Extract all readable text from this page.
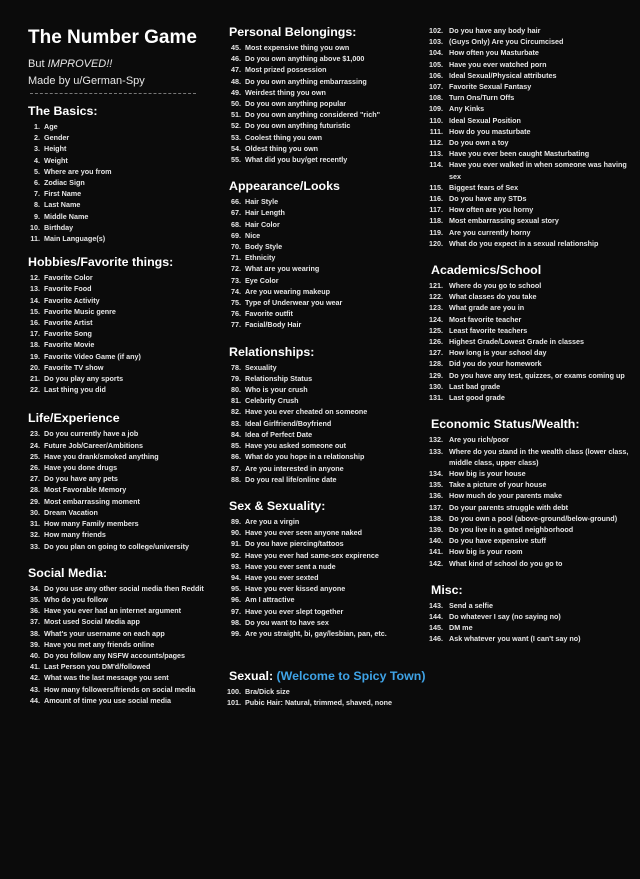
The Number Game
But IMPROVED!!
Made by u/German-Spy
The Basics:
1. Age
2. Gender
3. Height
4. Weight
5. Where are you from
6. Zodiac Sign
7. First Name
8. Last Name
9. Middle Name
10. Birthday
11. Main Language(s)
Hobbies/Favorite things:
12. Favorite Color
13. Favorite Food
14. Favorite Activity
15. Favorite Music genre
16. Favorite Artist
17. Favorite Song
18. Favorite Movie
19. Favorite Video Game (if any)
20. Favorite TV show
21. Do you play any sports
22. Last thing you did
Life/Experience
23. Do you currently have a job
24. Future Job/Career/Ambitions
25. Have you drank/smoked anything
26. Have you done drugs
27. Do you have any pets
28. Most Favorable Memory
29. Most embarrassing moment
30. Dream Vacation
31. How many Family members
32. How many friends
33. Do you plan on going to college/university
Social Media:
34. Do you use any other social media then Reddit
35. Who do you follow
36. Have you ever had an internet argument
37. Most used Social Media app
38. What's your username on each app
39. Have you met any friends online
40. Do you follow any NSFW accounts/pages
41. Last Person you DM'd/followed
42. What was the last message you sent
43. How many followers/friends on social media
44. Amount of time you use social media
Personal Belongings:
45. Most expensive thing you own
46. Do you own anything above $1,000
47. Most prized possession
48. Do you own anything embarrassing
49. Weirdest thing you own
50. Do you own anything popular
51. Do you own anything considered "rich"
52. Do you own anything futuristic
53. Coolest thing you own
54. Oldest thing you own
55. What did you buy/get recently
Appearance/Looks
66. Hair Style
67. Hair Length
68. Hair Color
69. Nice
70. Body Style
71. Ethnicity
72. What are you wearing
73. Eye Color
74. Are you wearing makeup
75. Type of Underwear you wear
76. Favorite outfit
77. Facial/Body Hair
Relationships:
78. Sexuality
79. Relationship Status
80. Who is your crush
81. Celebrity Crush
82. Have you ever cheated on someone
83. Ideal Girlfriend/Boyfriend
84. Idea of Perfect Date
85. Have you asked someone out
86. What do you hope in a relationship
87. Are you interested in anyone
88. Do you real life/online date
Sex & Sexuality:
89. Are you a virgin
90. Have you ever seen anyone naked
91. Do you have piercing/tattoos
92. Have you ever had same-sex expirence
93. Have you ever sent a nude
94. Have you ever sexted
95. Have you ever kissed anyone
96. Am I attractive
97. Have you ever slept together
98. Do you want to have sex
99. Are you straight, bi, gay/lesbian, pan, etc.
Sexual: (Welcome to Spicy Town)
100. Bra/Dick size
101. Pubic Hair: Natural, trimmed, shaved, none
102. Do you have any body hair
103. (Guys Only) Are you Circumcised
104. How often you Masturbate
105. Have you ever watched porn
106. Ideal Sexual/Physical attributes
107. Favorite Sexual Fantasy
108. Turn Ons/Turn Offs
109. Any Kinks
110. Ideal Sexual Position
111. How do you masturbate
112. Do you own a toy
113. Have you ever been caught Masturbating
114. Have you ever walked in when someone was having sex
115. Biggest fears of Sex
116. Do you have any STDs
117. How often are you horny
118. Most embarrassing sexual story
119. Are you currently horny
120. What do you expect in a sexual relationship
Academics/School
121. Where do you go to school
122. What classes do you take
123. What grade are you in
124. Most favorite teacher
125. Least favorite teachers
126. Highest Grade/Lowest Grade in classes
127. How long is your school day
128. Did you do your homework
129. Do you have any test, quizzes, or exams coming up
130. Last bad grade
131. Last good grade
Economic Status/Wealth:
132. Are you rich/poor
133. Where do you stand in the wealth class (lower class, middle class, upper class)
134. How big is your house
135. Take a picture of your house
136. How much do your parents make
137. Do your parents struggle with debt
138. Do you own a pool (above-ground/below-ground)
139. Do you live in a gated neighborhood
140. Do you have expensive stuff
141. How big is your room
142. What kind of school do you go to
Misc:
143. Send a selfie
144. Do whatever I say (no saying no)
145. DM me
146. Ask whatever you want (I can't say no)
